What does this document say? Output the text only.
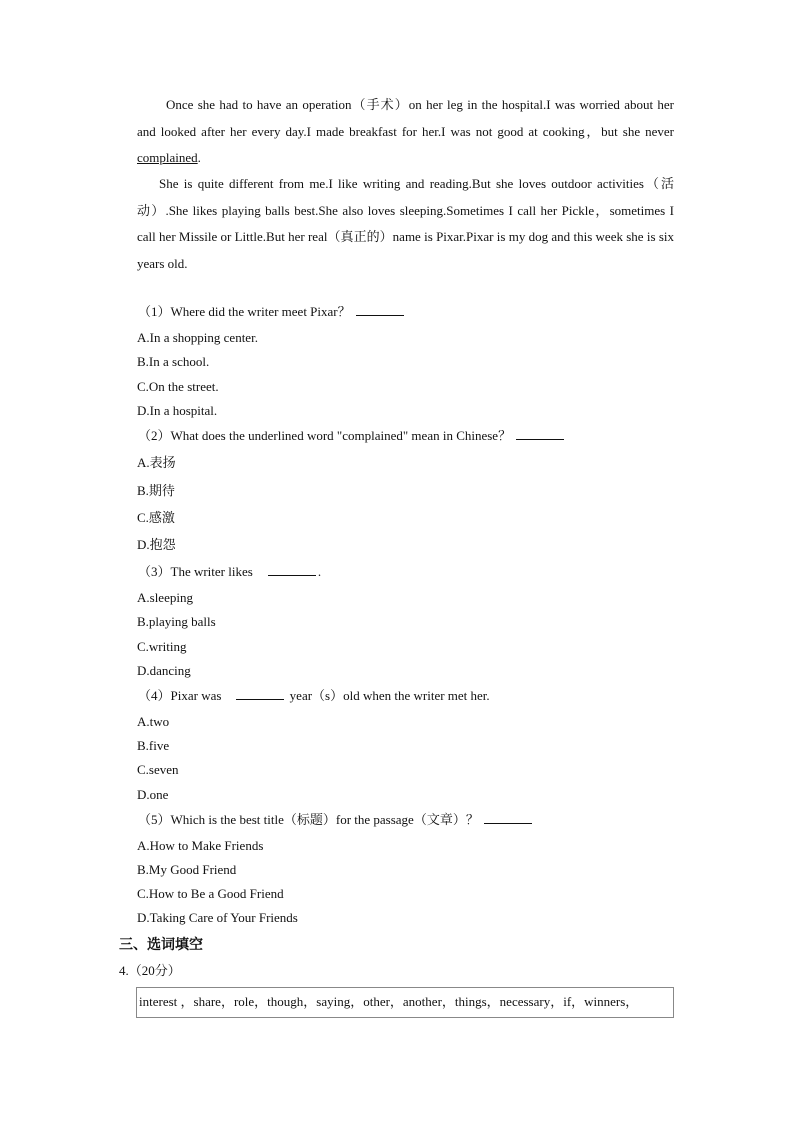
Once she had to have an operation（手术）on her leg in the hospital.I was worried about her and looked after her every day.I made breakfast for her.I was not good at cooking，but she never complained.

She is quite different from me.I like writing and reading.But she loves outdoor activities（活动）.She likes playing balls best.She also loves sleeping.Sometimes I call her Pickle，sometimes I call her Missile or Little.But her real（真正的）name is Pixar.Pixar is my dog and this week she is six years old.

（1）Where did the writer meet Pixar？
A.In a shopping center.
B.In a school.
C.On the street.
D.In a hospital.
（2）What does the underlined word "complained" mean in Chinese？
A.表扬
B.期待
C.感激
D.抱怨
（3）The writer likes	.
A.sleeping
B.playing balls
C.writing
D.dancing
（4）Pixar was	year（s）old when the writer met her.
A.two
B.five
C.seven
D.one
（5）Which is the best title（标题）for the passage（文章）？
A.How to Make Friends
B.My Good Friend
C.How to Be a Good Friend
D.Taking Care of Your Friends
三、选词填空
4.（20分）
interest ，share，role，though，saying，other，another，things，necessary，if，winners，
